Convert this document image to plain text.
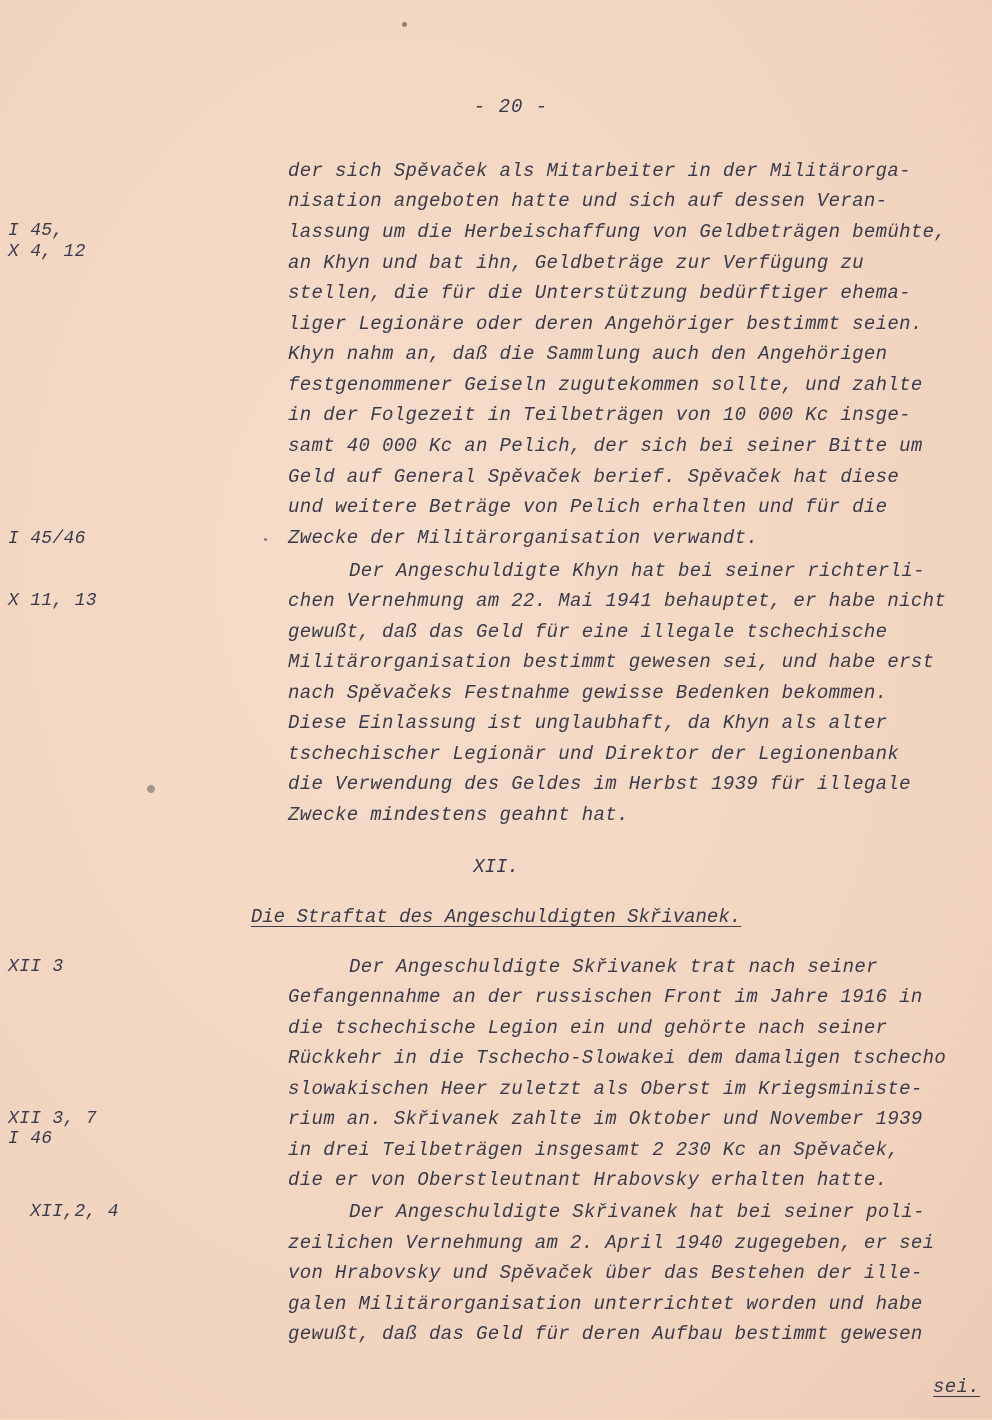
- 20 -
der sich Spěvaček als Mitarbeiter in der Militärorga-
nisation angeboten hatte und sich auf dessen Veran-
lassung um die Herbeischaffung von Geldbeträgen bemühte,
an Khyn und bat ihn, Geldbeträge zur Verfügung zu
stellen, die für die Unterstützung bedürftiger ehema-
liger Legionäre oder deren Angehöriger bestimmt seien.
Khyn nahm an, daß die Sammlung auch den Angehörigen
festgenommener Geiseln zugutekommen sollte, und zahlte
in der Folgezeit in Teilbeträgen von 10 000 Kc insge-
samt 40 000 Kc an Pelich, der sich bei seiner Bitte um
Geld auf General Spěvaček berief. Spěvaček hat diese
und weitere Beträge von Pelich erhalten und für die
Zwecke der Militärorganisation verwandt.
Der Angeschuldigte Khyn hat bei seiner richterli-
chen Vernehmung am 22. Mai 1941 behauptet, er habe nicht
gewußt, daß das Geld für eine illegale tschechische
Militärorganisation bestimmt gewesen sei, und habe erst
nach Spěvačeks Festnahme gewisse Bedenken bekommen.
Diese Einlassung ist unglaubhaft, da Khyn als alter
tschechischer Legionär und Direktor der Legionenbank
die Verwendung des Geldes im Herbst 1939 für illegale
Zwecke mindestens geahnt hat.
XII.
Die Straftat des Angeschuldigten Skřivanek.
Der Angeschuldigte Skřivanek trat nach seiner
Gefangennahme an der russischen Front im Jahre 1916 in
die tschechische Legion ein und gehörte nach seiner
Rückkehr in die Tschecho-Slowakei dem damaligen tschecho
slowakischen Heer zuletzt als Oberst im Kriegsministe-
rium an. Skřivanek zahlte im Oktober und November 1939
in drei Teilbeträgen insgesamt 2 230 Kc an Spěvaček,
die er von Oberstleutnant Hrabovsky erhalten hatte.
Der Angeschuldigte Skřivanek hat bei seiner poli-
zeilichen Vernehmung am 2. April 1940 zugegeben, er sei
von Hrabovsky und Spěvaček über das Bestehen der ille-
galen Militärorganisation unterrichtet worden und habe
gewußt, daß das Geld für deren Aufbau bestimmt gewesen

sei.

I 45,
X 4, 12
I 45/46
X 11, 13
XII 3
XII 3, 7
I 46
XII,2, 4
